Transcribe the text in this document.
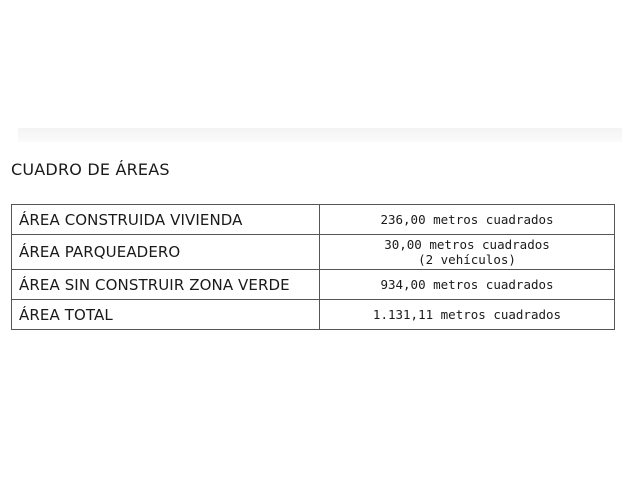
CUADRO DE ÁREAS
ÁREA CONSTRUIDA VIVIENDA	236,00 metros cuadrados

ÁREA PARQUEADERO	30,00 metros cuadrados
(2 vehículos)

ÁREA SIN CONSTRUIR ZONA VERDE	934,00 metros cuadrados

ÁREA TOTAL	1.131,11 metros cuadrados
